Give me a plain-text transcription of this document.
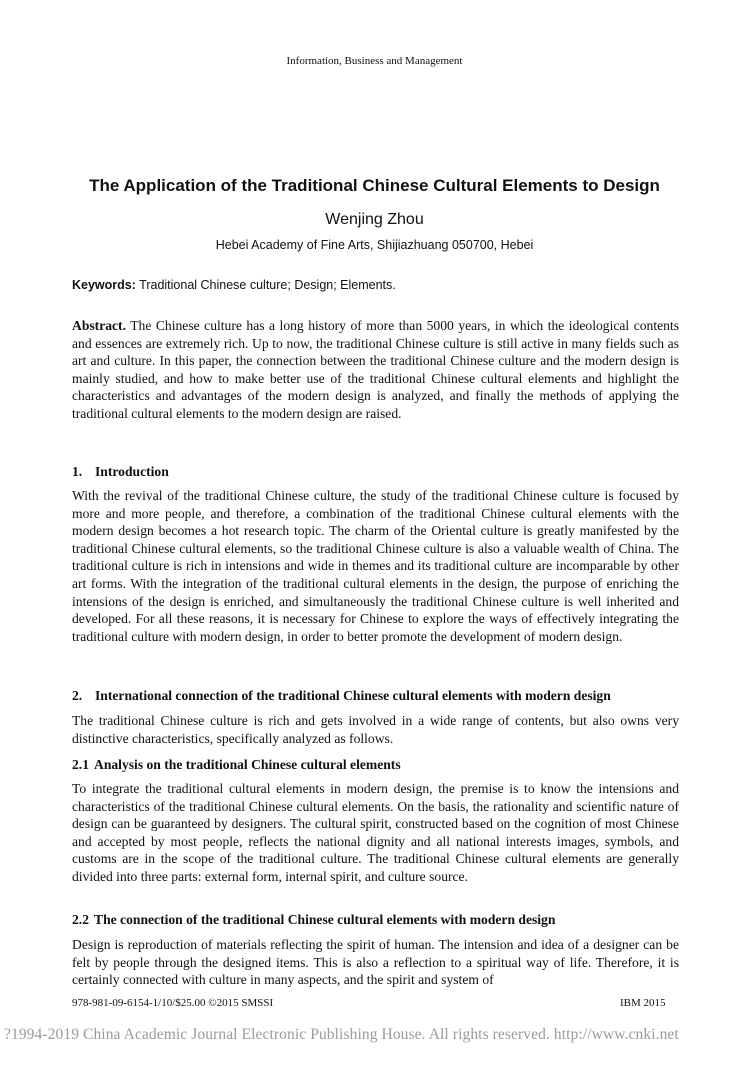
Information, Business and Management
The Application of the Traditional Chinese Cultural Elements to Design
Wenjing Zhou
Hebei Academy of Fine Arts, Shijiazhuang 050700, Hebei
Keywords: Traditional Chinese culture; Design; Elements.
Abstract. The Chinese culture has a long history of more than 5000 years, in which the ideological contents and essences are extremely rich. Up to now, the traditional Chinese culture is still active in many fields such as art and culture. In this paper, the connection between the traditional Chinese culture and the modern design is mainly studied, and how to make better use of the traditional Chinese cultural elements and highlight the characteristics and advantages of the modern design is analyzed, and finally the methods of applying the traditional cultural elements to the modern design are raised.
1. Introduction
With the revival of the traditional Chinese culture, the study of the traditional Chinese culture is focused by more and more people, and therefore, a combination of the traditional Chinese cultural elements with the modern design becomes a hot research topic. The charm of the Oriental culture is greatly manifested by the traditional Chinese cultural elements, so the traditional Chinese culture is also a valuable wealth of China. The traditional culture is rich in intensions and wide in themes and its traditional culture are incomparable by other art forms. With the integration of the traditional cultural elements in the design, the purpose of enriching the intensions of the design is enriched, and simultaneously the traditional Chinese culture is well inherited and developed. For all these reasons, it is necessary for Chinese to explore the ways of effectively integrating the traditional culture with modern design, in order to better promote the development of modern design.
2. International connection of the traditional Chinese cultural elements with modern design
The traditional Chinese culture is rich and gets involved in a wide range of contents, but also owns very distinctive characteristics, specifically analyzed as follows.
2.1 Analysis on the traditional Chinese cultural elements
To integrate the traditional cultural elements in modern design, the premise is to know the intensions and characteristics of the traditional Chinese cultural elements. On the basis, the rationality and scientific nature of design can be guaranteed by designers. The cultural spirit, constructed based on the cognition of most Chinese and accepted by most people, reflects the national dignity and all national interests images, symbols, and customs are in the scope of the traditional culture. The traditional Chinese cultural elements are generally divided into three parts: external form, internal spirit, and culture source.
2.2 The connection of the traditional Chinese cultural elements with modern design
Design is reproduction of materials reflecting the spirit of human. The intension and idea of a designer can be felt by people through the designed items. This is also a reflection to a spiritual way of life. Therefore, it is certainly connected with culture in many aspects, and the spirit and system of
978-981-09-6154-1/10/$25.00 ©2015 SMSSI	IBM 2015
?1994-2019 China Academic Journal Electronic Publishing House. All rights reserved. http://www.cnki.net
